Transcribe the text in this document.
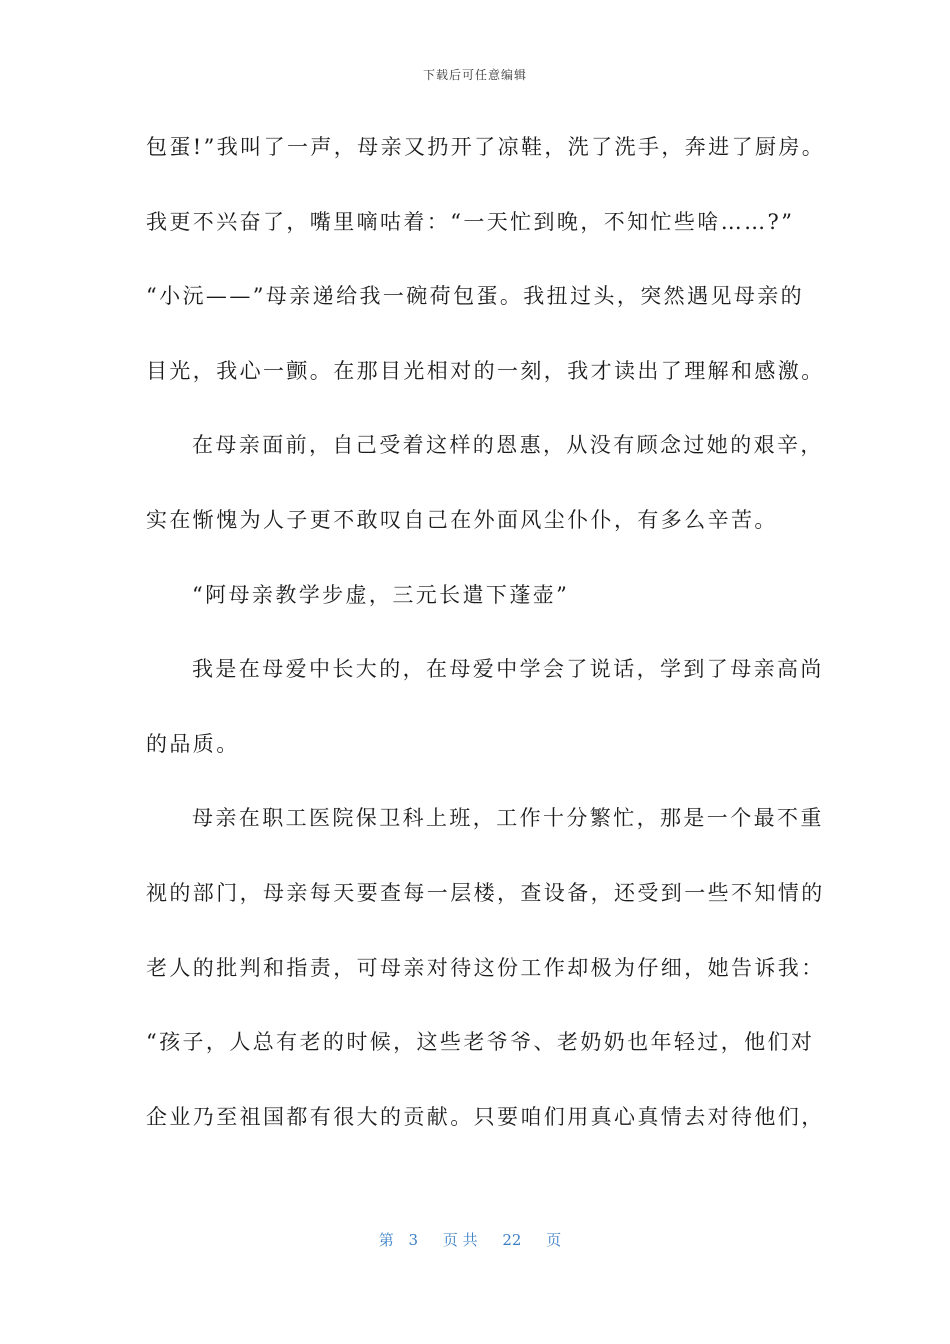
下载后可任意编辑
包蛋!”我叫了一声，母亲又扔开了凉鞋，洗了洗手，奔进了厨房。
我更不兴奋了，嘴里嘀咕着：“一天忙到晚，不知忙些啥……?”
“小沅——”母亲递给我一碗荷包蛋。我扭过头，突然遇见母亲的
目光，我心一颤。在那目光相对的一刻，我才读出了理解和感激。
在母亲面前，自己受着这样的恩惠，从没有顾念过她的艰辛，
实在惭愧为人子更不敢叹自己在外面风尘仆仆，有多么辛苦。
“阿母亲教学步虚，三元长遣下蓬壶”
我是在母爱中长大的，在母爱中学会了说话，学到了母亲高尚
的品质。
母亲在职工医院保卫科上班，工作十分繁忙，那是一个最不重
视的部门，母亲每天要查每一层楼，查设备，还受到一些不知情的
老人的批判和指责，可母亲对待这份工作却极为仔细，她告诉我：
“孩子，人总有老的时候，这些老爷爷、老奶奶也年轻过，他们对
企业乃至祖国都有很大的贡献。只要咱们用真心真情去对待他们，
第 3 页 共 22 页
